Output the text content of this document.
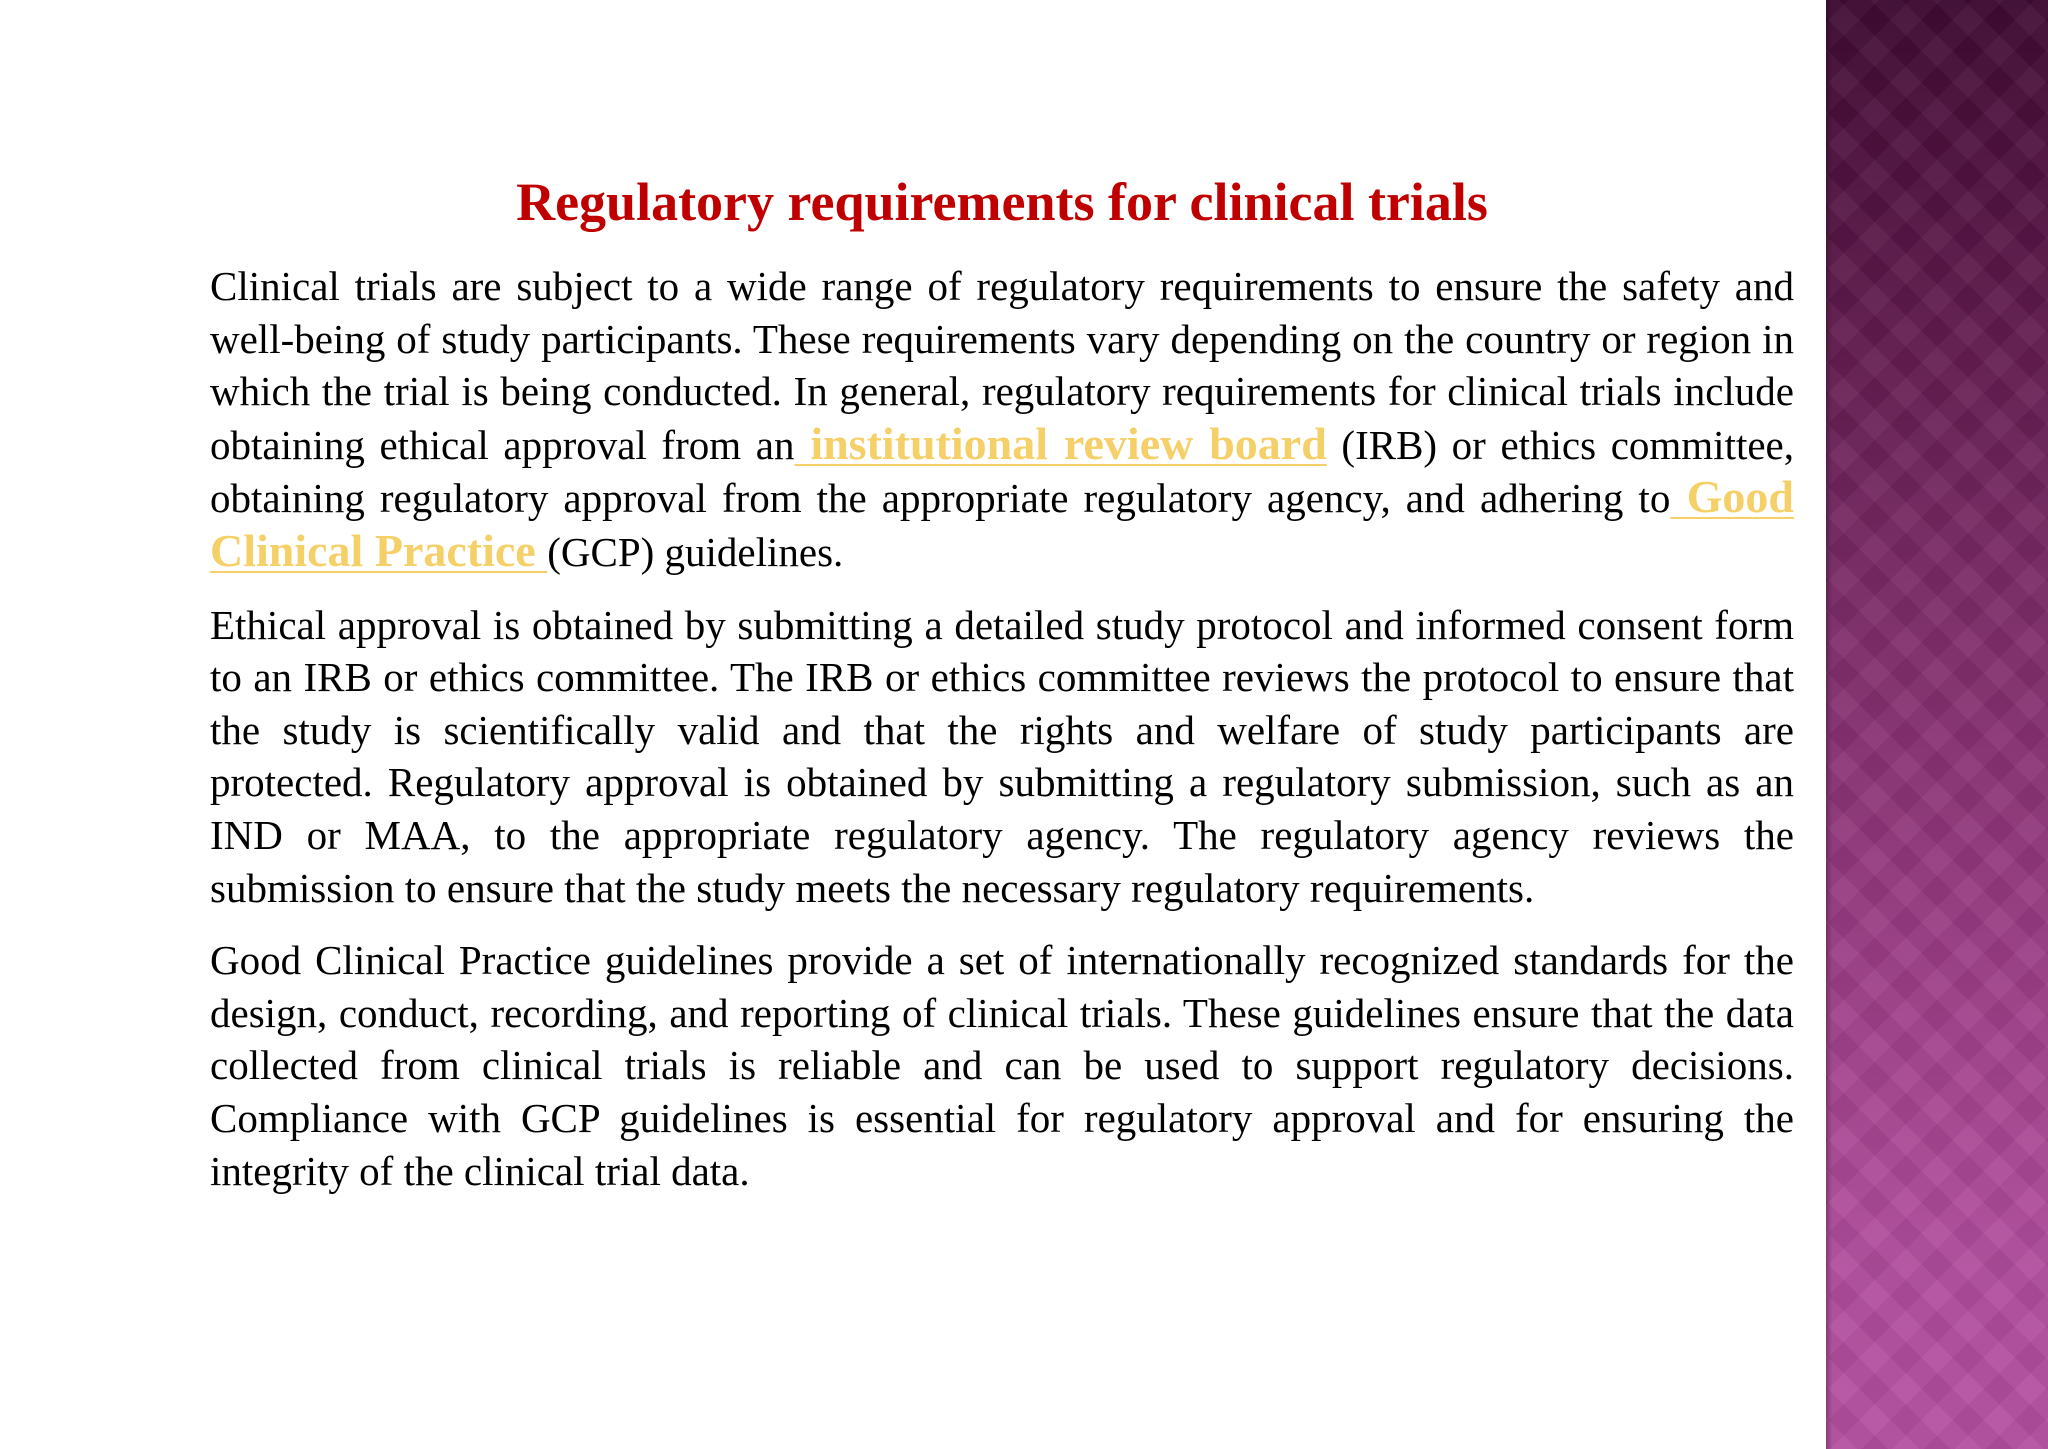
Regulatory requirements for clinical trials

Clinical trials are subject to a wide range of regulatory requirements to ensure the safety and well-being of study participants. These requirements vary depending on the country or region in which the trial is being conducted. In general, regulatory requirements for clinical trials include obtaining ethical approval from an institutional review board (IRB) or ethics committee, obtaining regulatory approval from the appropriate regulatory agency, and adhering to Good Clinical Practice (GCP) guidelines.

Ethical approval is obtained by submitting a detailed study protocol and informed consent form to an IRB or ethics committee. The IRB or ethics committee reviews the protocol to ensure that the study is scientifically valid and that the rights and welfare of study participants are protected. Regulatory approval is obtained by submitting a regulatory submission, such as an IND or MAA, to the appropriate regulatory agency. The regulatory agency reviews the submission to ensure that the study meets the necessary regulatory requirements.

Good Clinical Practice guidelines provide a set of internationally recognized standards for the design, conduct, recording, and reporting of clinical trials. These guidelines ensure that the data collected from clinical trials is reliable and can be used to support regulatory decisions. Compliance with GCP guidelines is essential for regulatory approval and for ensuring the integrity of the clinical trial data.
